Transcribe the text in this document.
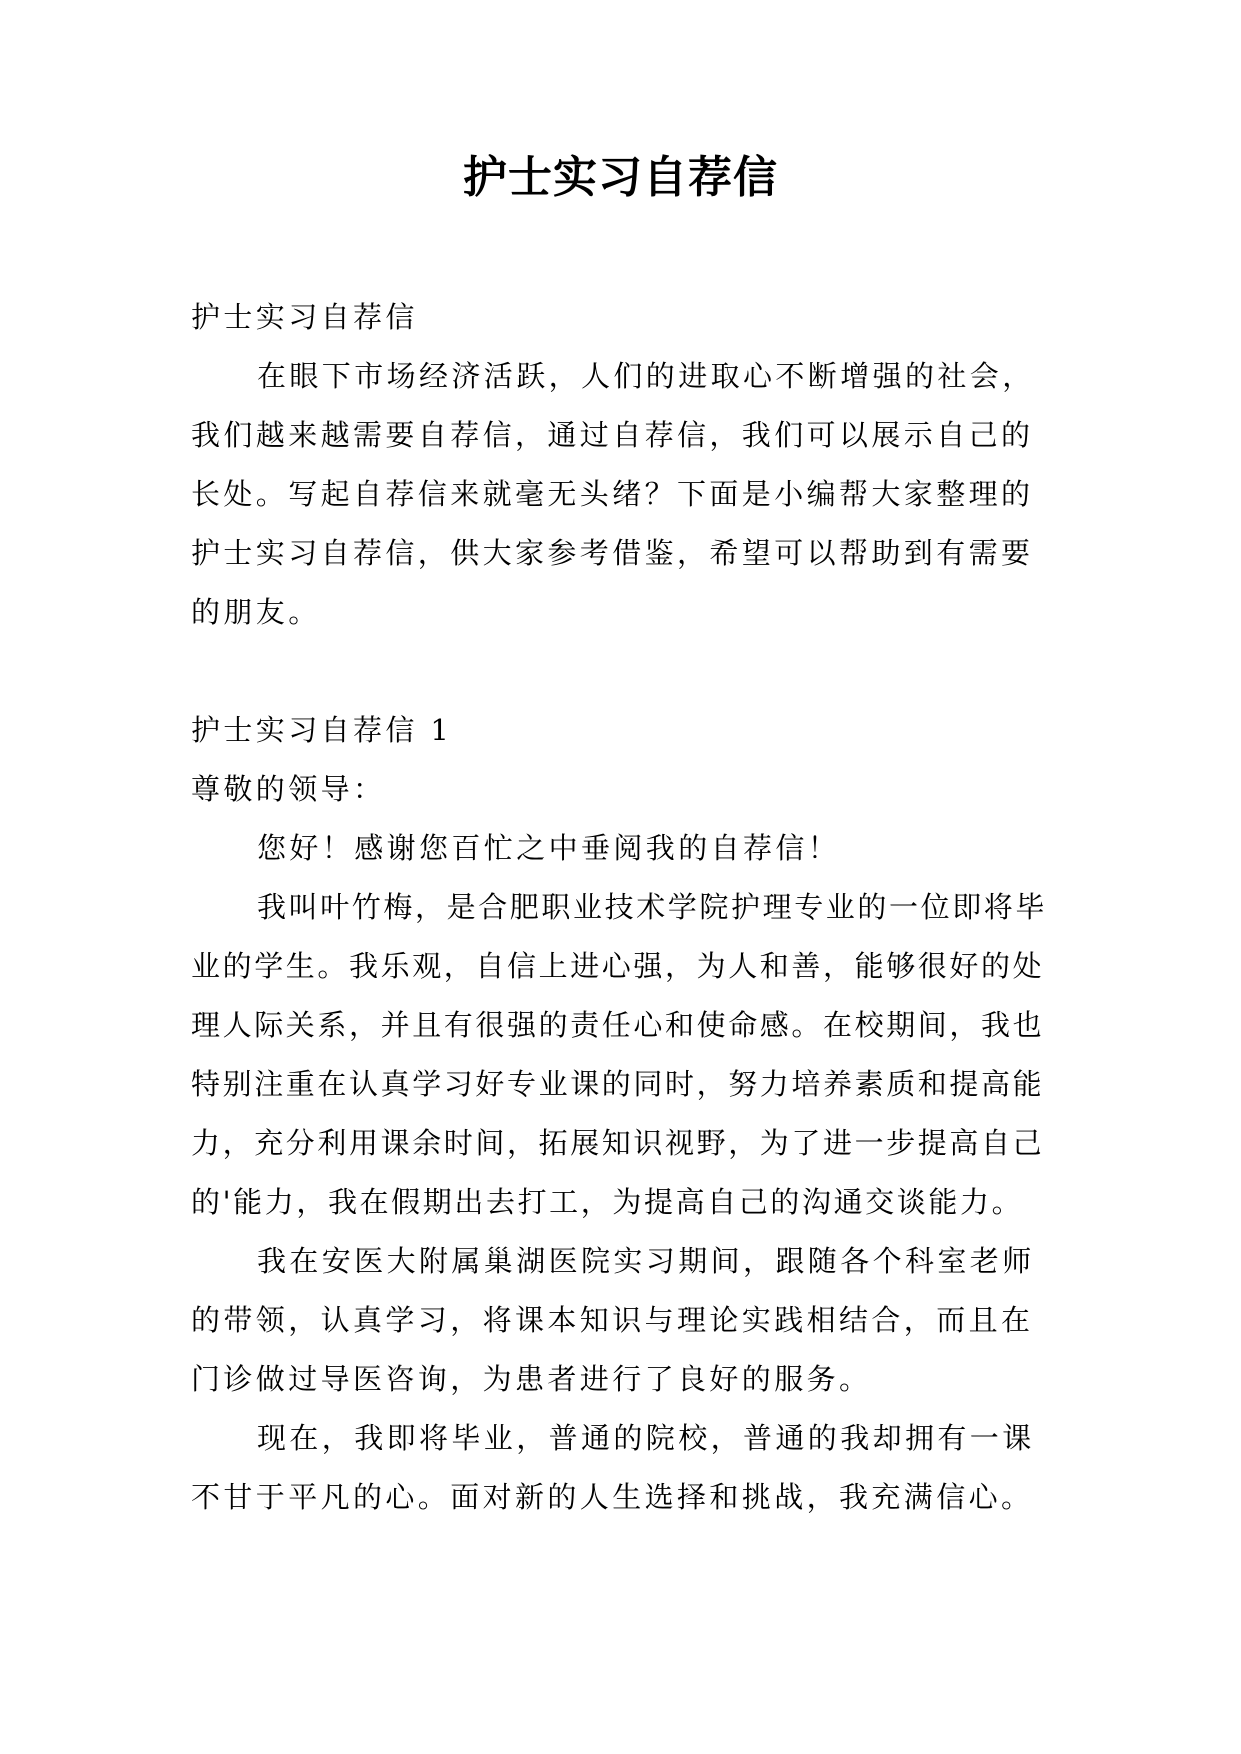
护士实习自荐信

护士实习自荐信

在眼下市场经济活跃，人们的进取心不断增强的社会，我们越来越需要自荐信，通过自荐信，我们可以展示自己的长处。写起自荐信来就毫无头绪？下面是小编帮大家整理的护士实习自荐信，供大家参考借鉴，希望可以帮助到有需要的朋友。

护士实习自荐信 1

尊敬的领导：

您好！感谢您百忙之中垂阅我的自荐信！

我叫叶竹梅，是合肥职业技术学院护理专业的一位即将毕业的学生。我乐观，自信上进心强，为人和善，能够很好的处理人际关系，并且有很强的责任心和使命感。在校期间，我也特别注重在认真学习好专业课的同时，努力培养素质和提高能力，充分利用课余时间，拓展知识视野，为了进一步提高自己的'能力，我在假期出去打工，为提高自己的沟通交谈能力。

我在安医大附属巢湖医院实习期间，跟随各个科室老师的带领，认真学习，将课本知识与理论实践相结合，而且在门诊做过导医咨询，为患者进行了良好的服务。

现在，我即将毕业，普通的院校，普通的我却拥有一课不甘于平凡的心。面对新的人生选择和挑战，我充满信心。
